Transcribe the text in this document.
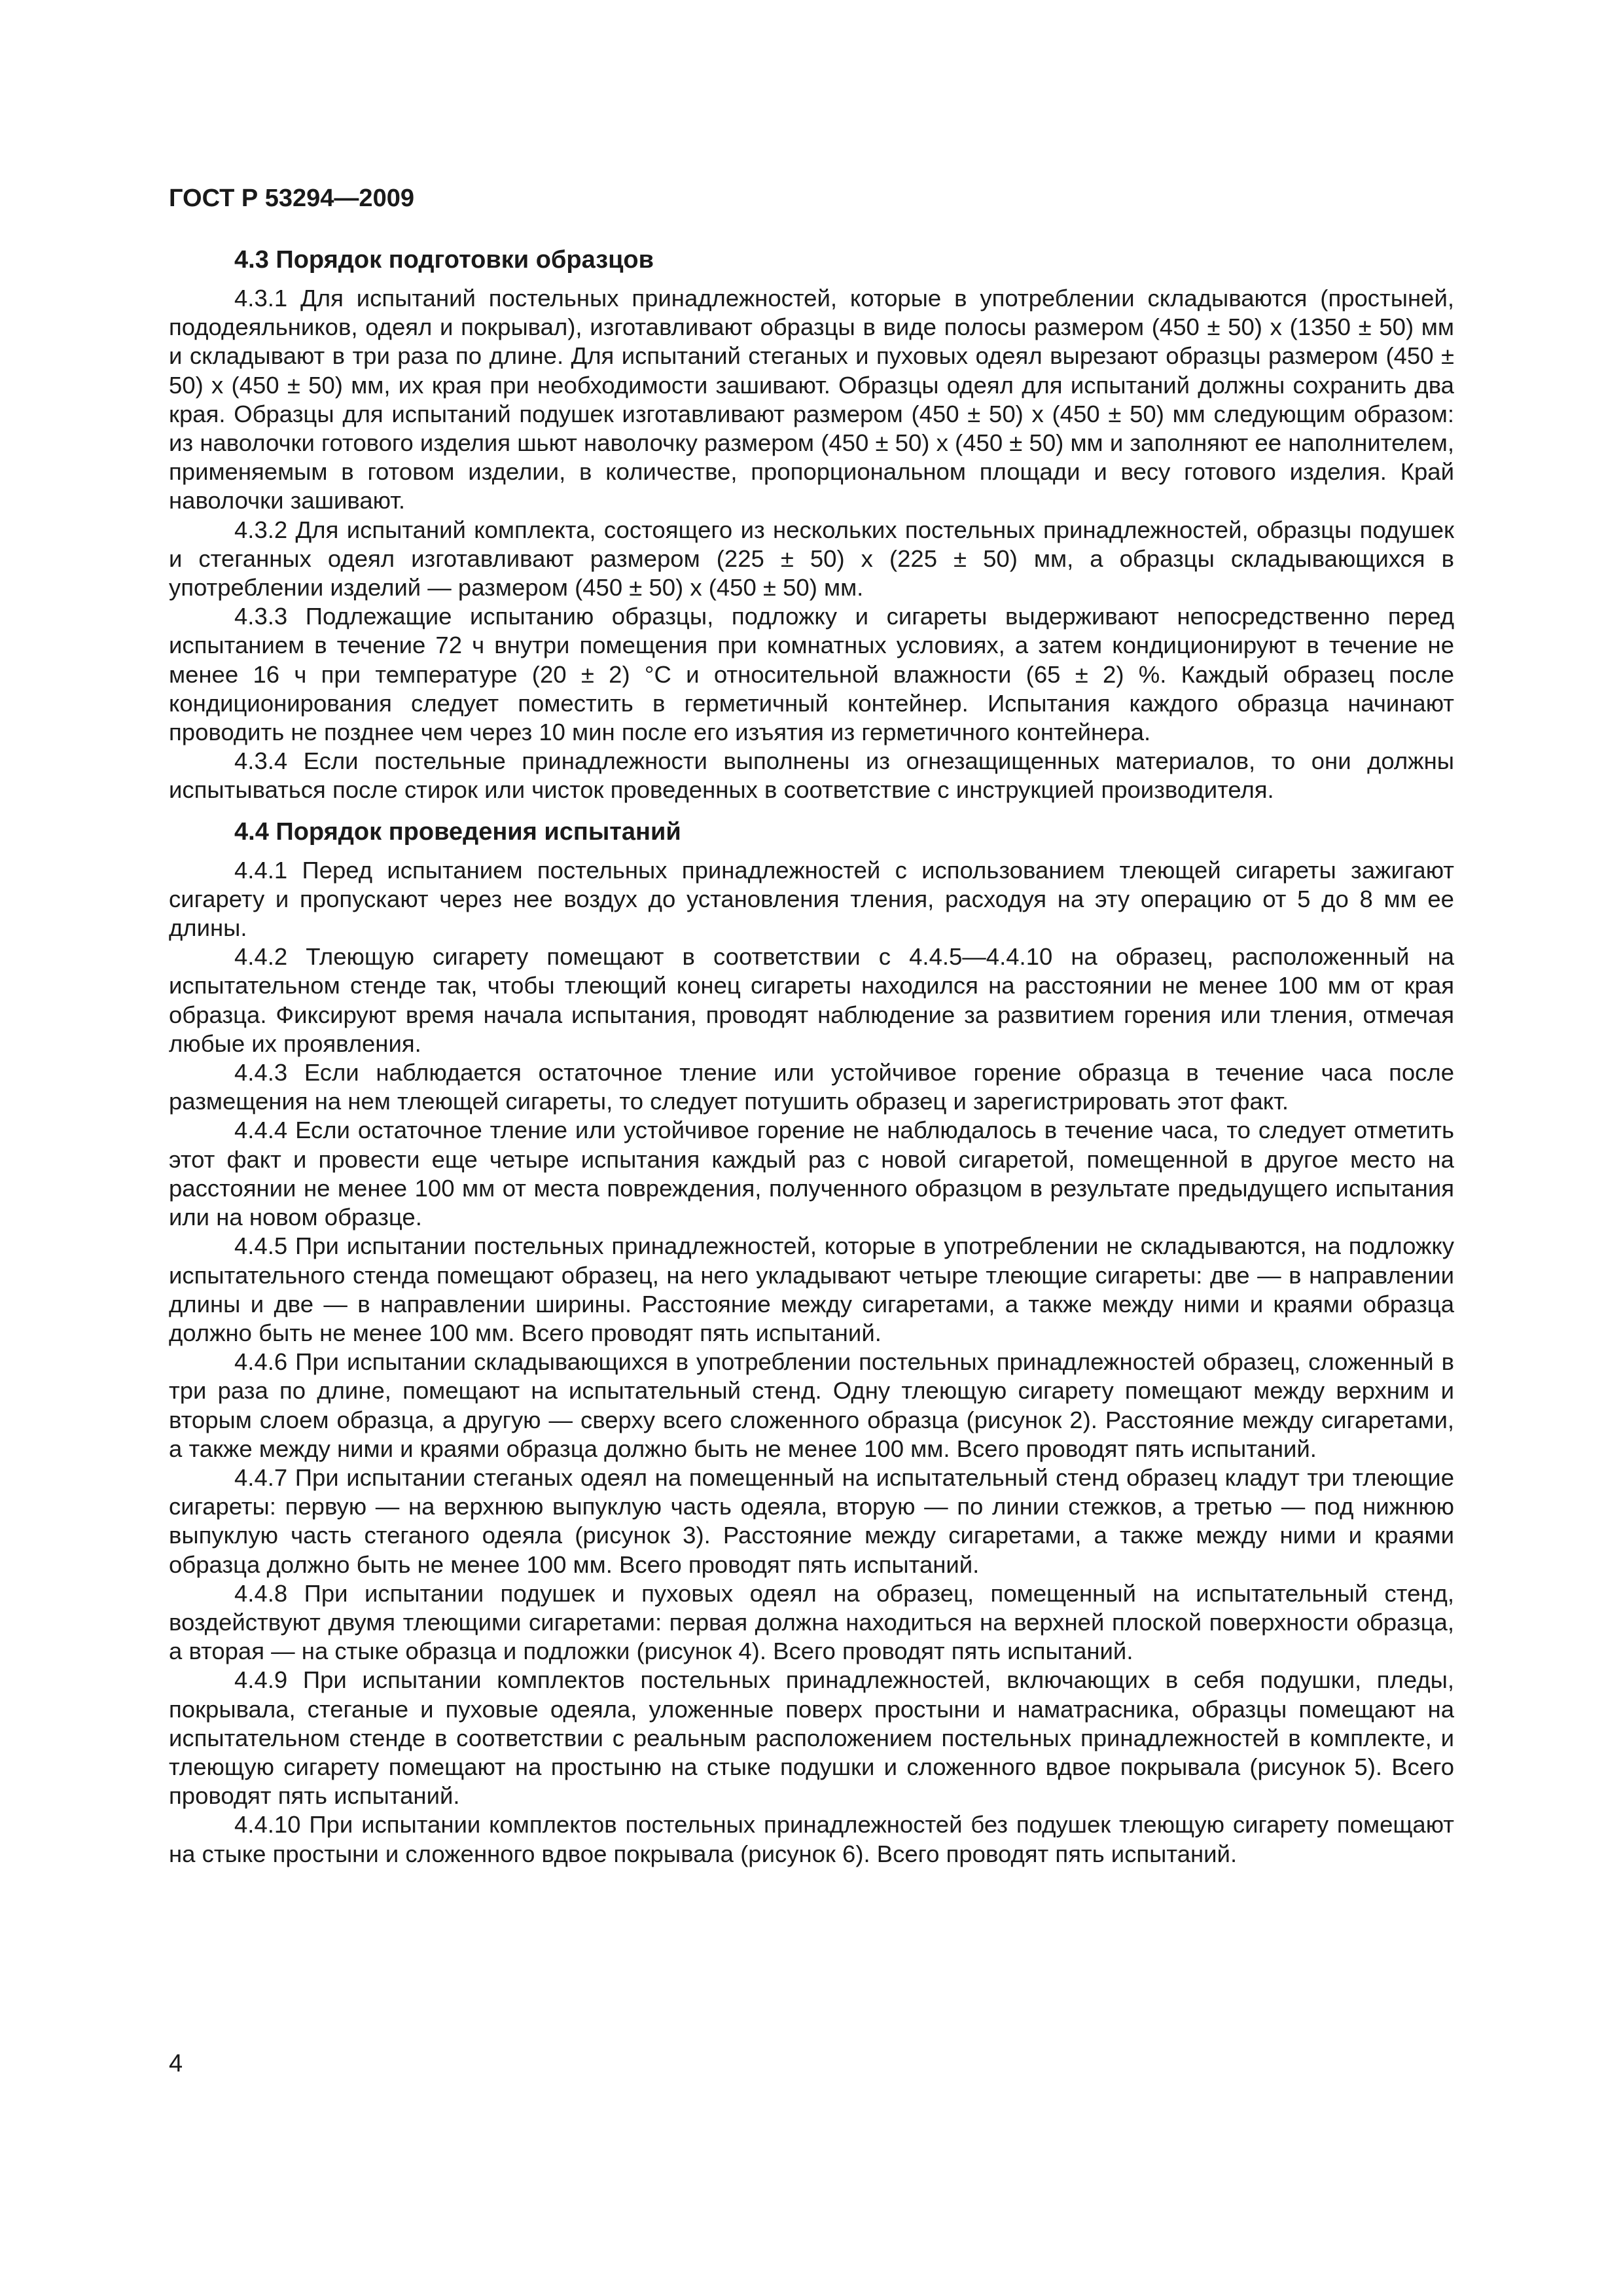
ГОСТ Р 53294—2009
4.3 Порядок подготовки образцов

4.3.1 Для испытаний постельных принадлежностей, которые в употреблении складываются (простыней, пододеяльников, одеял и покрывал), изготавливают образцы в виде полосы размером (450 ± 50) х (1350 ± 50) мм и складывают в три раза по длине. Для испытаний стеганых и пуховых одеял вырезают образцы размером (450 ± 50) х (450 ± 50) мм, их края при необходимости зашивают. Образцы одеял для испытаний должны сохранить два края. Образцы для испытаний подушек изготавливают размером (450 ± 50) х (450 ± 50) мм следующим образом: из наволочки готового изделия шьют наволочку размером (450 ± 50) х (450 ± 50) мм и заполняют ее наполнителем, применяемым в готовом изделии, в количестве, пропорциональном площади и весу готового изделия. Край наволочки зашивают.

4.3.2 Для испытаний комплекта, состоящего из нескольких постельных принадлежностей, образцы подушек и стеганных одеял изготавливают размером (225 ± 50) х (225 ± 50) мм, а образцы складывающихся в употреблении изделий — размером (450 ± 50) х (450 ± 50) мм.

4.3.3 Подлежащие испытанию образцы, подложку и сигареты выдерживают непосредственно перед испытанием в течение 72 ч внутри помещения при комнатных условиях, а затем кондиционируют в течение не менее 16 ч при температуре (20 ± 2) °С и относительной влажности (65 ± 2) %. Каждый образец после кондиционирования следует поместить в герметичный контейнер. Испытания каждого образца начинают проводить не позднее чем через 10 мин после его изъятия из герметичного контейнера.

4.3.4 Если постельные принадлежности выполнены из огнезащищенных материалов, то они должны испытываться после стирок или чисток проведенных в соответствие с инструкцией производителя.

4.4 Порядок проведения испытаний

4.4.1 Перед испытанием постельных принадлежностей с использованием тлеющей сигареты зажигают сигарету и пропускают через нее воздух до установления тления, расходуя на эту операцию от 5 до 8 мм ее длины.

4.4.2 Тлеющую сигарету помещают в соответствии с 4.4.5—4.4.10 на образец, расположенный на испытательном стенде так, чтобы тлеющий конец сигареты находился на расстоянии не менее 100 мм от края образца. Фиксируют время начала испытания, проводят наблюдение за развитием горения или тления, отмечая любые их проявления.

4.4.3 Если наблюдается остаточное тление или устойчивое горение образца в течение часа после размещения на нем тлеющей сигареты, то следует потушить образец и зарегистрировать этот факт.

4.4.4 Если остаточное тление или устойчивое горение не наблюдалось в течение часа, то следует отметить этот факт и провести еще четыре испытания каждый раз с новой сигаретой, помещенной в другое место на расстоянии не менее 100 мм от места повреждения, полученного образцом в результате предыдущего испытания или на новом образце.

4.4.5 При испытании постельных принадлежностей, которые в употреблении не складываются, на подложку испытательного стенда помещают образец, на него укладывают четыре тлеющие сигареты: две — в направлении длины и две — в направлении ширины. Расстояние между сигаретами, а также между ними и краями образца должно быть не менее 100 мм. Всего проводят пять испытаний.

4.4.6 При испытании складывающихся в употреблении постельных принадлежностей образец, сложенный в три раза по длине, помещают на испытательный стенд. Одну тлеющую сигарету помещают между верхним и вторым слоем образца, а другую — сверху всего сложенного образца (рисунок 2). Расстояние между сигаретами, а также между ними и краями образца должно быть не менее 100 мм. Всего проводят пять испытаний.

4.4.7 При испытании стеганых одеял на помещенный на испытательный стенд образец кладут три тлеющие сигареты: первую — на верхнюю выпуклую часть одеяла, вторую — по линии стежков, а третью — под нижнюю выпуклую часть стеганого одеяла (рисунок 3). Расстояние между сигаретами, а также между ними и краями образца должно быть не менее 100 мм. Всего проводят пять испытаний.

4.4.8 При испытании подушек и пуховых одеял на образец, помещенный на испытательный стенд, воздействуют двумя тлеющими сигаретами: первая должна находиться на верхней плоской поверхности образца, а вторая — на стыке образца и подложки (рисунок 4). Всего проводят пять испытаний.

4.4.9 При испытании комплектов постельных принадлежностей, включающих в себя подушки, пледы, покрывала, стеганые и пуховые одеяла, уложенные поверх простыни и наматрасника, образцы помещают на испытательном стенде в соответствии с реальным расположением постельных принадлежностей в комплекте, и тлеющую сигарету помещают на простыню на стыке подушки и сложенного вдвое покрывала (рисунок 5). Всего проводят пять испытаний.

4.4.10 При испытании комплектов постельных принадлежностей без подушек тлеющую сигарету помещают на стыке простыни и сложенного вдвое покрывала (рисунок 6). Всего проводят пять испытаний.

4
